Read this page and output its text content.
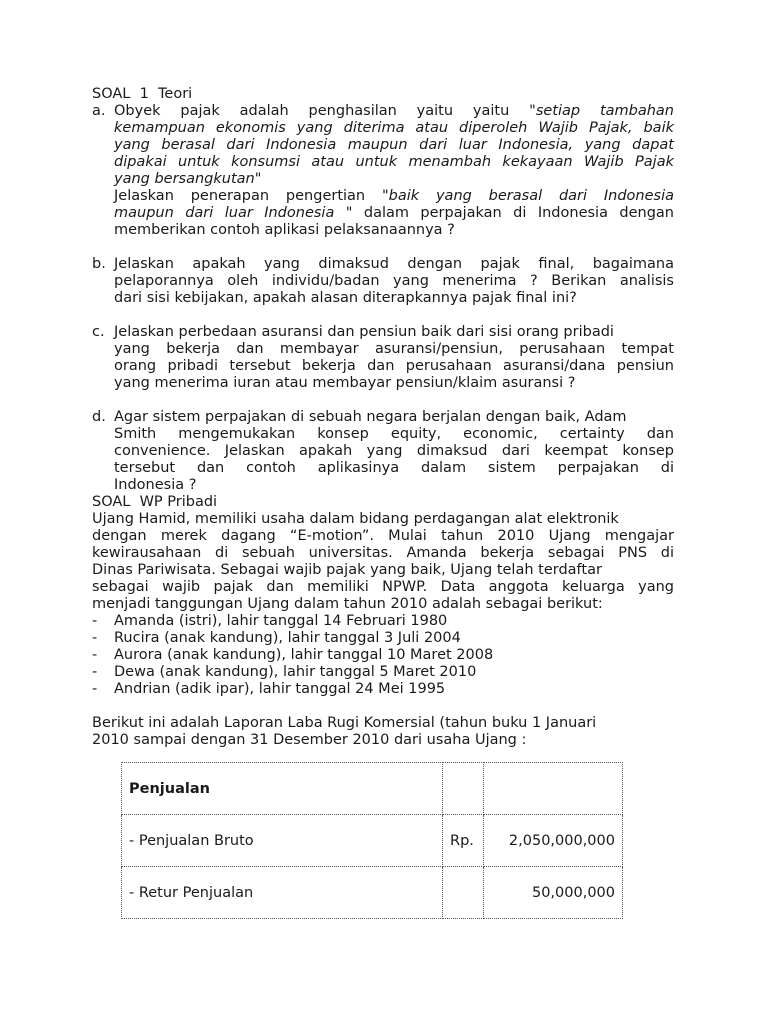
SOAL  1  Teori
a. Obyek pajak adalah penghasilan yaitu yaitu "setiap tambahan
kemampuan ekonomis yang diterima atau diperoleh Wajib Pajak, baik
yang berasal dari Indonesia maupun dari luar Indonesia, yang dapat
dipakai untuk konsumsi atau untuk menambah kekayaan Wajib Pajak
yang bersangkutan"
Jelaskan penerapan pengertian "baik yang berasal dari Indonesia
maupun dari luar Indonesia " dalam perpajakan di Indonesia dengan
memberikan contoh aplikasi pelaksanaannya ?
b. Jelaskan apakah yang dimaksud dengan pajak final, bagaimana
pelaporannya oleh individu/badan yang menerima ? Berikan analisis
dari sisi kebijakan, apakah alasan diterapkannya pajak final ini?
c. Jelaskan perbedaan asuransi dan pensiun baik dari sisi orang pribadi
yang bekerja dan membayar asuransi/pensiun, perusahaan tempat
orang pribadi tersebut bekerja dan perusahaan asuransi/dana pensiun
yang menerima iuran atau membayar pensiun/klaim asuransi ?
d. Agar sistem perpajakan di sebuah negara berjalan dengan baik, Adam
Smith mengemukakan konsep equity, economic, certainty dan
convenience. Jelaskan apakah yang dimaksud dari keempat konsep
tersebut dan contoh aplikasinya dalam sistem perpajakan di
Indonesia ?
SOAL  WP Pribadi
Ujang Hamid, memiliki usaha dalam bidang perdagangan alat elektronik
dengan merek dagang “E-motion”. Mulai tahun 2010 Ujang mengajar
kewirausahaan di sebuah universitas. Amanda bekerja sebagai PNS di
Dinas Pariwisata. Sebagai wajib pajak yang baik, Ujang telah terdaftar
sebagai wajib pajak dan memiliki NPWP. Data anggota keluarga yang
menjadi tanggungan Ujang dalam tahun 2010 adalah sebagai berikut:
- Amanda (istri), lahir tanggal 14 Februari 1980
- Rucira (anak kandung), lahir tanggal 3 Juli 2004
- Aurora (anak kandung), lahir tanggal 10 Maret 2008
- Dewa (anak kandung), lahir tanggal 5 Maret 2010
- Andrian (adik ipar), lahir tanggal 24 Mei 1995
Berikut ini adalah Laporan Laba Rugi Komersial (tahun buku 1 Januari
2010 sampai dengan 31 Desember 2010 dari usaha Ujang :
Penjualan		
- Penjualan Bruto	Rp.	2,050,000,000
- Retur Penjualan		50,000,000
